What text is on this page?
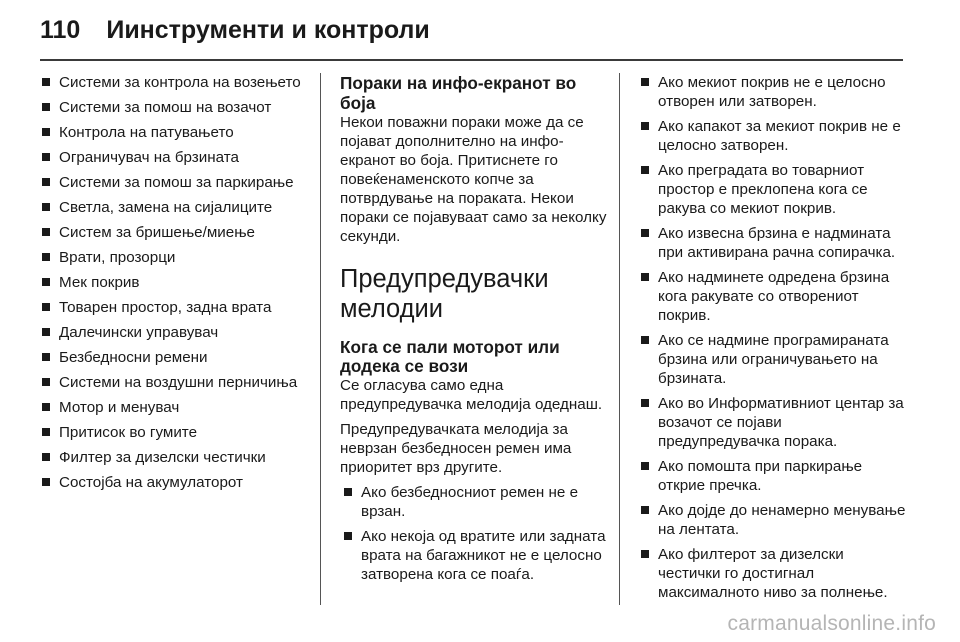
110 Иинструменти и контроли
Системи за контрола на возењето
Системи за помош на возачот
Контрола на патувањето
Ограничувач на брзината
Системи за помош за паркирање
Светла, замена на сијалиците
Систем за бришење/миење
Врати, прозорци
Мек покрив
Товарен простор, задна врата
Далечински управувач
Безбедносни ремени
Системи на воздушни перничиња
Мотор и менувач
Притисок во гумите
Филтер за дизелски честички
Состојба на акумулаторот
Пораки на инфо-екранот во боја

Некои поважни пораки може да се појават дополнително на инфо-екранот во боја. Притиснете го повеќенаменското копче за потврдување на пораката. Некои пораки се појавуваат само за неколку секунди.

Предупредувачки мелодии
Кога се пали моторот или додека се вози

Се огласува само една предупредувачка мелодија одеднаш.

Предупредувачката мелодија за неврзан безбедносен ремен има приоритет врз другите.

Ако безбедносниот ремен не е врзан.
Ако некоја од вратите или задната врата на багажникот не е целосно затворена кога се поаѓа.
Ако мекиот покрив не е целосно отворен или затворен.
Ако капакот за мекиот покрив не е целосно затворен.
Ако преградата во товарниот простор е преклопена кога се ракува со мекиот покрив.
Ако извесна брзина е надмината при активирана рачна сопирачка.
Ако надминете одредена брзина кога ракувате со отворениот покрив.
Ако се надмине програмираната брзина или ограничувањето на брзината.
Ако во Информативниот центар за возачот се појави предупредувачка порака.
Ако помошта при паркирање открие пречка.
Ако дојде до ненамерно менување на лентата.
Ако филтерот за дизелски честички го достигнал максималното ниво за полнење.
carmanualsonline.info
